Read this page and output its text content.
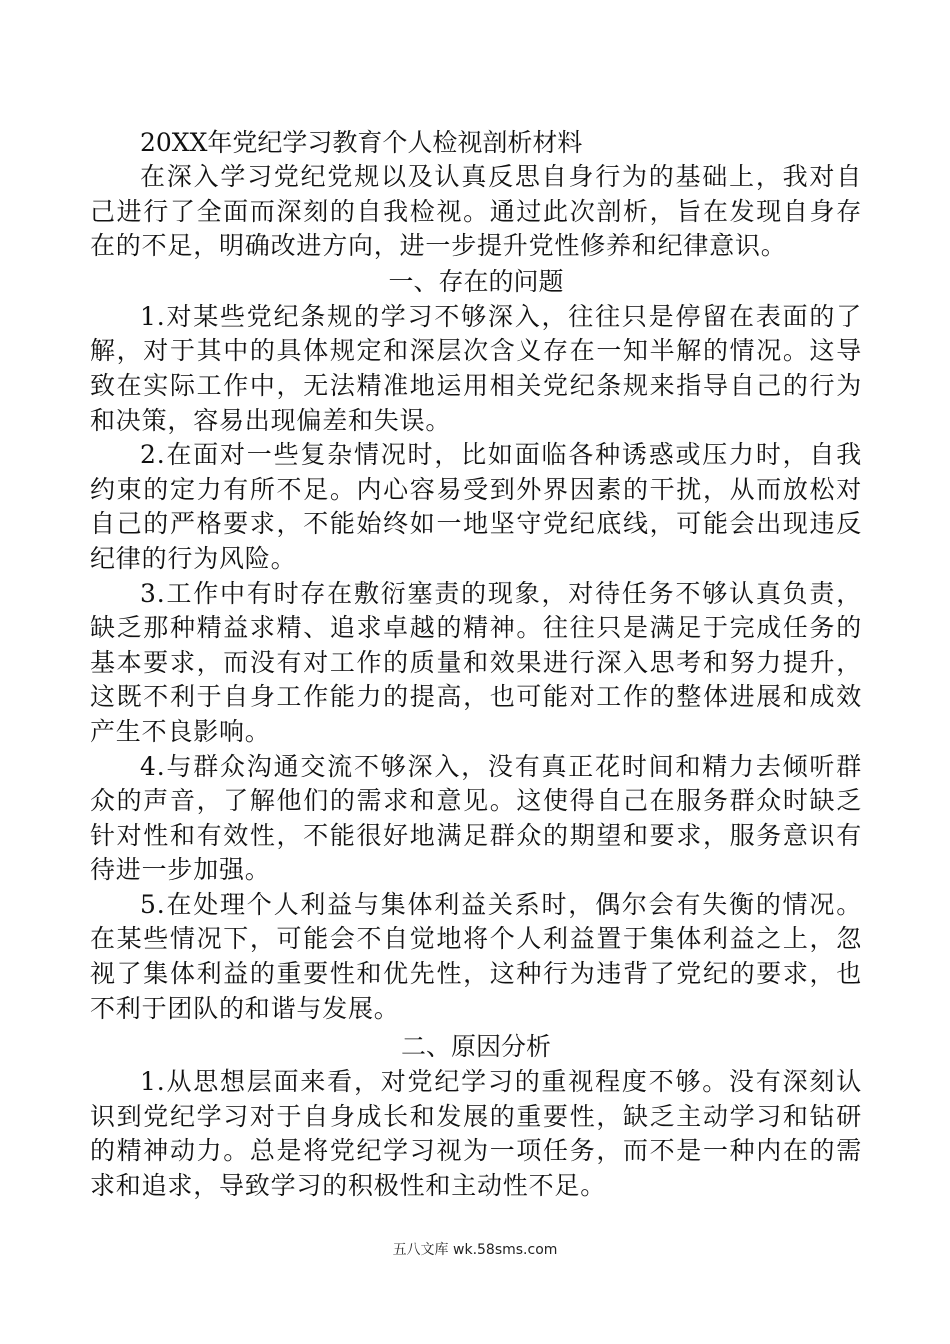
20XX年党纪学习教育个人检视剖析材料

在深入学习党纪党规以及认真反思自身行为的基础上，我对自己进行了全面而深刻的自我检视。通过此次剖析，旨在发现自身存在的不足，明确改进方向，进一步提升党性修养和纪律意识。

一、存在的问题

1.对某些党纪条规的学习不够深入，往往只是停留在表面的了解，对于其中的具体规定和深层次含义存在一知半解的情况。这导致在实际工作中，无法精准地运用相关党纪条规来指导自己的行为和决策，容易出现偏差和失误。

2.在面对一些复杂情况时，比如面临各种诱惑或压力时，自我约束的定力有所不足。内心容易受到外界因素的干扰，从而放松对自己的严格要求，不能始终如一地坚守党纪底线，可能会出现违反纪律的行为风险。

3.工作中有时存在敷衍塞责的现象，对待任务不够认真负责，缺乏那种精益求精、追求卓越的精神。往往只是满足于完成任务的基本要求，而没有对工作的质量和效果进行深入思考和努力提升，这既不利于自身工作能力的提高，也可能对工作的整体进展和成效产生不良影响。

4.与群众沟通交流不够深入，没有真正花时间和精力去倾听群众的声音，了解他们的需求和意见。这使得自己在服务群众时缺乏针对性和有效性，不能很好地满足群众的期望和要求，服务意识有待进一步加强。

5.在处理个人利益与集体利益关系时，偶尔会有失衡的情况。在某些情况下，可能会不自觉地将个人利益置于集体利益之上，忽视了集体利益的重要性和优先性，这种行为违背了党纪的要求，也不利于团队的和谐与发展。

二、原因分析

1.从思想层面来看，对党纪学习的重视程度不够。没有深刻认识到党纪学习对于自身成长和发展的重要性，缺乏主动学习和钻研的精神动力。总是将党纪学习视为一项任务，而不是一种内在的需求和追求，导致学习的积极性和主动性不足。

五八文库 wk.58sms.com
